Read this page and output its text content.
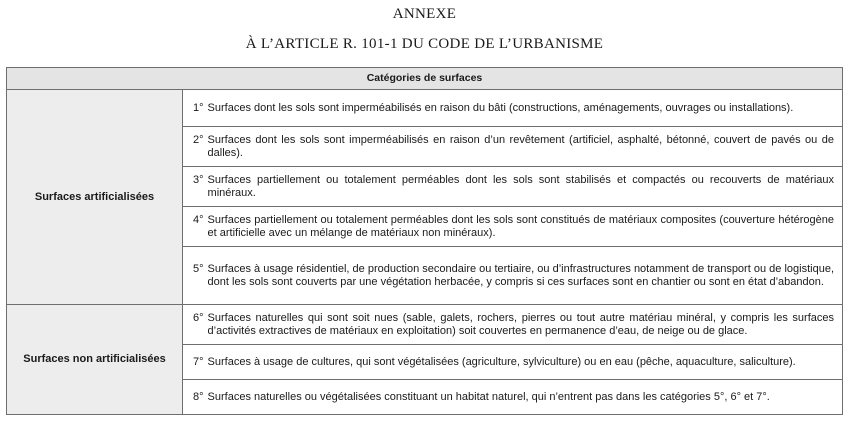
ANNEXE
À L’ARTICLE R. 101-1 DU CODE DE L’URBANISME
Catégories de surfaces	
Surfaces artificialisées	1° Surfaces dont les sols sont imperméabilisés en raison du bâti (constructions, aménagements, ouvrages ou installations).

	2° Surfaces dont les sols sont imperméabilisés en raison d’un revêtement (artificiel, asphalté, bétonné, couvert de pavés ou de dalles).

	3° Surfaces partiellement ou totalement perméables dont les sols sont stabilisés et compactés ou recouverts de matériaux minéraux.

	4° Surfaces partiellement ou totalement perméables dont les sols sont constitués de matériaux composites (couverture hétérogène et artificielle avec un mélange de matériaux non minéraux).

	5° Surfaces à usage résidentiel, de production secondaire ou tertiaire, ou d’infrastructures notamment de transport ou de logistique, dont les sols sont couverts par une végétation herbacée, y compris si ces surfaces sont en chantier ou sont en état d’abandon.

Surfaces non artificialisées	6° Surfaces naturelles qui sont soit nues (sable, galets, rochers, pierres ou tout autre matériau minéral, y compris les surfaces d’activités extractives de matériaux en exploitation) soit couvertes en permanence d’eau, de neige ou de glace.

	7° Surfaces à usage de cultures, qui sont végétalisées (agriculture, sylviculture) ou en eau (pêche, aquaculture, saliculture).

	8° Surfaces naturelles ou végétalisées constituant un habitat naturel, qui n’entrent pas dans les catégories 5°, 6° et 7°.
